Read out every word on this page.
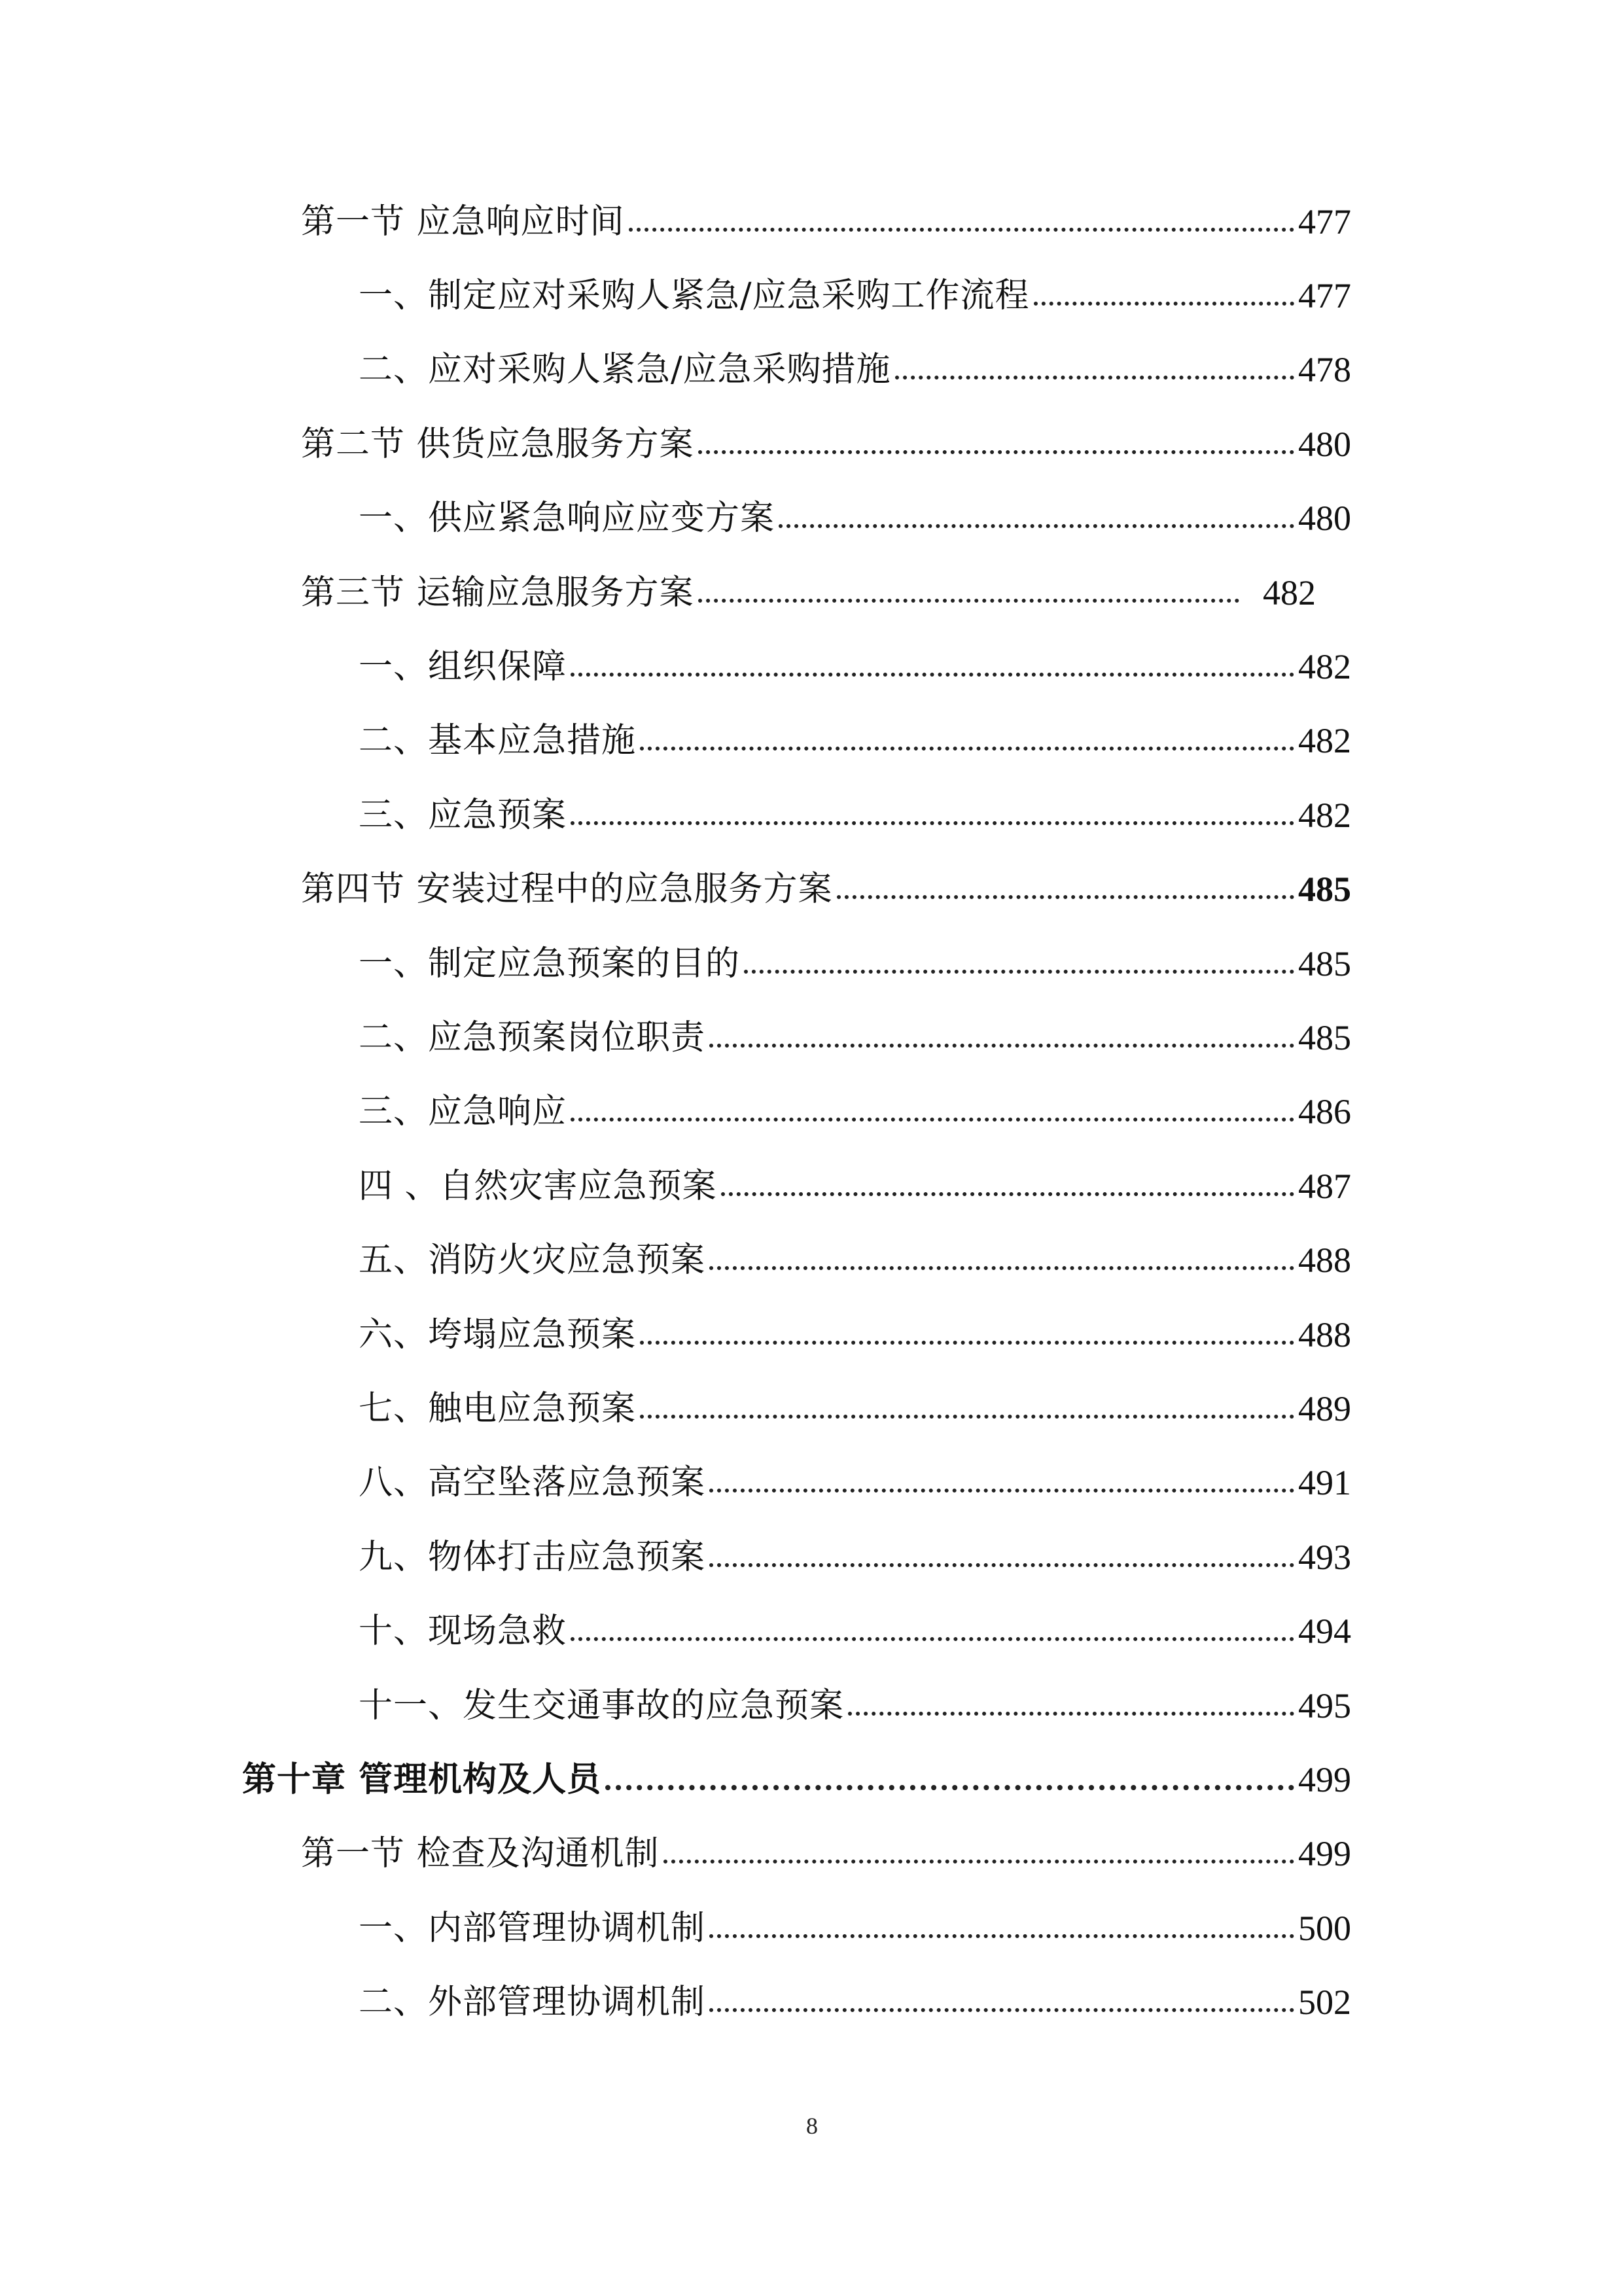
第一节 应急响应时间	477
一、制定应对采购人紧急/应急采购工作流程	477
二、应对采购人紧急/应急采购措施	478
第二节 供货应急服务方案	480
一、供应紧急响应应变方案	480
第三节 运输应急服务方案	482
一、组织保障	482
二、基本应急措施	482
三、应急预案	482
第四节 安装过程中的应急服务方案	485
一、制定应急预案的目的	485
二、应急预案岗位职责	485
三、应急响应	486
四 、自然灾害应急预案	487
五、消防火灾应急预案	488
六、垮塌应急预案	488
七、触电应急预案	489
八、高空坠落应急预案	491
九、物体打击应急预案	493
十、现场急救	494
十一、发生交通事故的应急预案	495
第十章 管理机构及人员	499
第一节 检查及沟通机制	499
一、内部管理协调机制	500
二、外部管理协调机制	502
8
